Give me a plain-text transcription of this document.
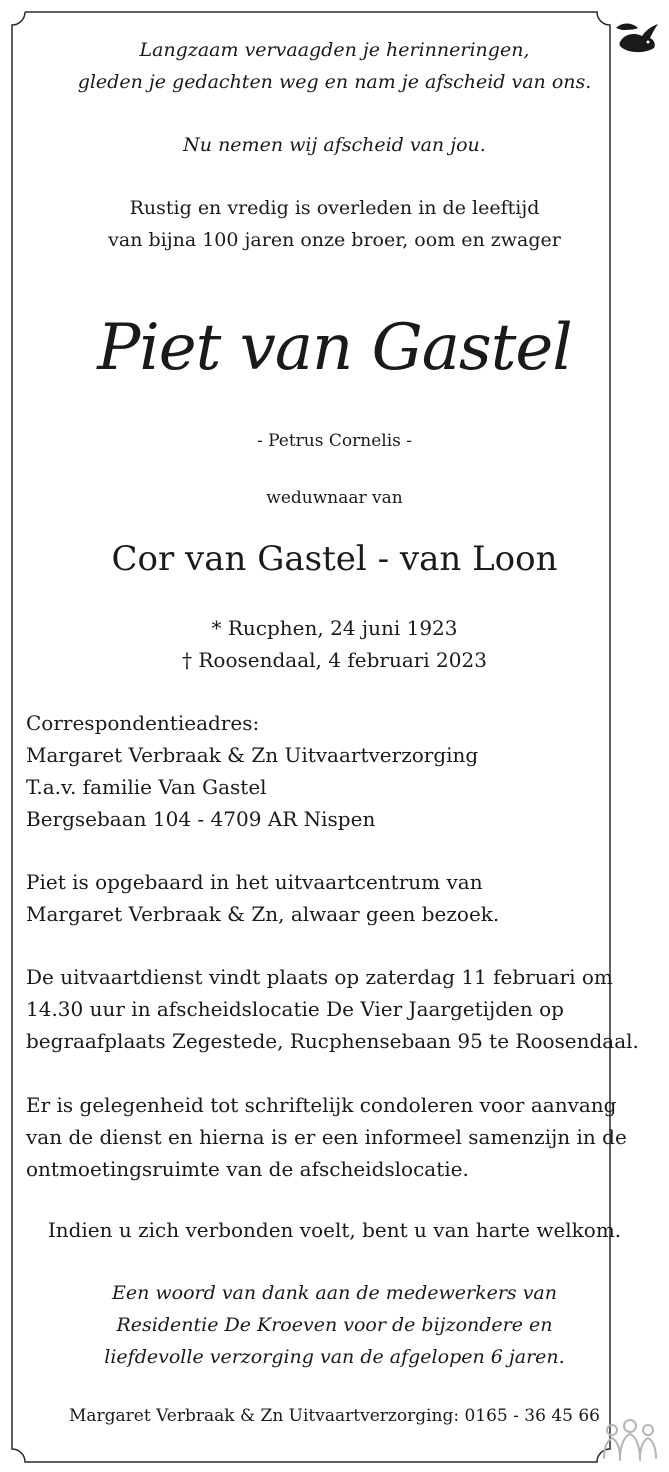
Langzaam vervaagden je herinneringen,
gleden je gedachten weg en nam je afscheid van ons.

Nu nemen wij afscheid van jou.

Rustig en vredig is overleden in de leeftijd
van bijna 100 jaren onze broer, oom en zwager

Piet van Gastel

- Petrus Cornelis -

weduwnaar van

Cor van Gastel - van Loon

* Rucphen, 24 juni 1923
† Roosendaal, 4 februari 2023

Correspondentieadres:
Margaret Verbraak & Zn Uitvaartverzorging
T.a.v. familie Van Gastel
Bergsebaan 104 - 4709 AR Nispen

Piet is opgebaard in het uitvaartcentrum van
Margaret Verbraak & Zn, alwaar geen bezoek.

De uitvaartdienst vindt plaats op zaterdag 11 februari om
14.30 uur in afscheidslocatie De Vier Jaargetijden op
begraafplaats Zegestede, Rucphensebaan 95 te Roosendaal.

Er is gelegenheid tot schriftelijk condoleren voor aanvang
van de dienst en hierna is er een informeel samenzijn in de
ontmoetingsruimte van de afscheidslocatie.

Indien u zich verbonden voelt, bent u van harte welkom.

Een woord van dank aan de medewerkers van
Residentie De Kroeven voor de bijzondere en
liefdevolle verzorging van de afgelopen 6 jaren.

Margaret Verbraak & Zn Uitvaartverzorging: 0165 - 36 45 66
